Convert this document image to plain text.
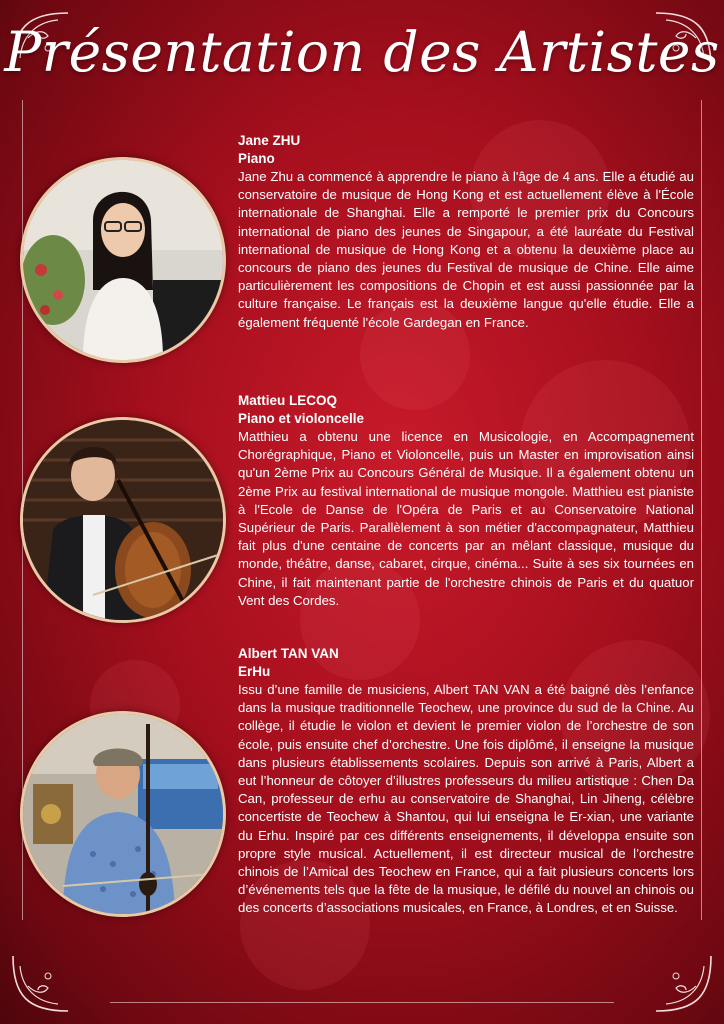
Présentation des Artistes

Jane ZHU

Piano

Jane Zhu a commencé à apprendre le piano à l'âge de 4 ans. Elle a étudié au conservatoire de musique de Hong Kong et est actuellement élève à l'École internationale de Shanghai. Elle a remporté le premier prix du Concours international de piano des jeunes de Singapour, a été lauréate du Festival international de musique de Hong Kong et a obtenu la deuxième place au concours de piano des jeunes du Festival de musique de Chine. Elle aime particulièrement les compositions de Chopin et est aussi passionnée par la culture française. Le français est la deuxième langue qu'elle étudie. Elle a également fréquenté l'école Gardegan en France.

Mattieu LECOQ

Piano et violoncelle

Matthieu a obtenu une licence en Musicologie, en Accompagnement Chorégraphique, Piano et Violoncelle, puis un Master en improvisation ainsi qu'un 2ème Prix au Concours Général de Musique. Il a également obtenu un 2ème Prix au festival international de musique mongole. Matthieu est pianiste à l'Ecole de Danse de l'Opéra de Paris et au Conservatoire National Supérieur de Paris. Parallèlement à son métier d'accompagnateur, Matthieu fait plus d'une centaine de concerts par an mêlant classique, musique du monde, théâtre, danse, cabaret, cirque, cinéma... Suite à ses six tournées en Chine, il fait maintenant partie de l'orchestre chinois de Paris et du quatuor Vent des Cordes.

Albert TAN VAN

ErHu

Issu d’une famille de musiciens, Albert TAN VAN a été baigné dès l’enfance dans la musique traditionnelle Teochew, une province du sud de la Chine. Au collège, il étudie le violon et devient le premier violon de l’orchestre de son école, puis ensuite chef d’orchestre. Une fois diplômé, il enseigne la musique dans plusieurs établissements scolaires. Depuis son arrivé à Paris, Albert a eut l’honneur de côtoyer d’illustres professeurs du milieu artistique : Chen Da Can, professeur de erhu au conservatoire de Shanghai, Lin Jiheng, célèbre concertiste de Teochew à Shantou, qui lui enseigna le Er-xian, une variante du Erhu. Inspiré par ces différents enseignements, il développa ensuite son propre style musical. Actuellement, il est directeur musical de l’orchestre chinois de l’Amical des Teochew en France, qui a fait plusieurs concerts lors d’événements tels que la fête de la musique, le défilé du nouvel an chinois ou des concerts d’associations musicales, en France, à Londres, et en Suisse.
